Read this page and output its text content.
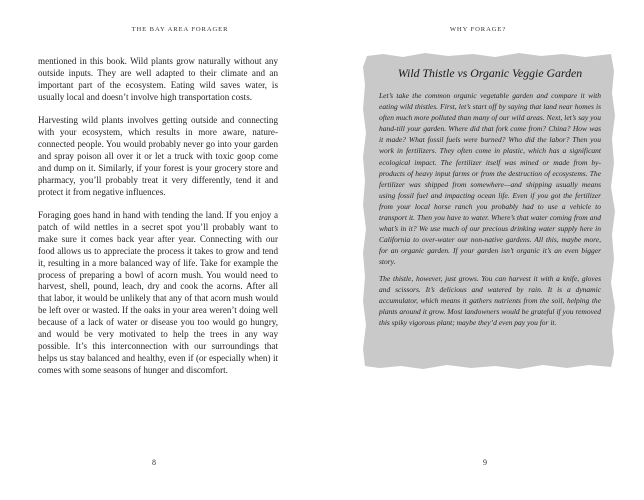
THE BAY AREA FORAGER

mentioned in this book. Wild plants grow naturally without any outside inputs. They are well adapted to their climate and an important part of the ecosystem. Eating wild saves water, is usually local and doesn’t involve high transportation costs.

Harvesting wild plants involves getting outside and connecting with your ecosystem, which results in more aware, nature-connected people. You would probably never go into your garden and spray poison all over it or let a truck with toxic goop come and dump on it. Similarly, if your forest is your grocery store and pharmacy, you’ll probably treat it very differently, tend it and protect it from negative influences.

Foraging goes hand in hand with tending the land. If you enjoy a patch of wild nettles in a secret spot you’ll probably want to make sure it comes back year after year. Connecting with our food allows us to appreciate the process it takes to grow and tend it, resulting in a more balanced way of life. Take for example the process of preparing a bowl of acorn mush. You would need to harvest, shell, pound, leach, dry and cook the acorns. After all that labor, it would be unlikely that any of that acorn mush would be left over or wasted. If the oaks in your area weren’t doing well because of a lack of water or disease you too would go hungry, and would be very motivated to help the trees in any way possible. It’s this interconnection with our surroundings that helps us stay balanced and healthy, even if (or especially when) it comes with some seasons of hunger and discomfort.

8
WHY FORAGE?
Wild Thistle vs Organic Veggie Garden

Let’s take the common organic vegetable garden and compare it with eating wild thistles. First, let’s start off by saying that land near homes is often much more polluted than many of our wild areas. Next, let’s say you hand-till your garden. Where did that fork come from? China? How was it made? What fossil fuels were burned? Who did the labor? Then you work in fertilizers. They often come in plastic, which has a significant ecological impact. The fertilizer itself was mined or made from by-products of heavy input farms or from the destruction of ecosystems. The fertilizer was shipped from somewhere—and shipping usually means using fossil fuel and impacting ocean life. Even if you got the fertilizer from your local horse ranch you probably had to use a vehicle to transport it. Then you have to water. Where’s that water coming from and what’s in it? We use much of our precious drinking water supply here in California to over-water our non-native gardens. All this, maybe more, for an organic garden. If your garden isn’t organic it’s an even bigger story.

The thistle, however, just grows. You can harvest it with a knife, gloves and scissors. It’s delicious and watered by rain. It is a dynamic accumulator, which means it gathers nutrients from the soil, helping the plants around it grow. Most landowners would be grateful if you removed this spiky vigorous plant; maybe they’d even pay you for it.

9
